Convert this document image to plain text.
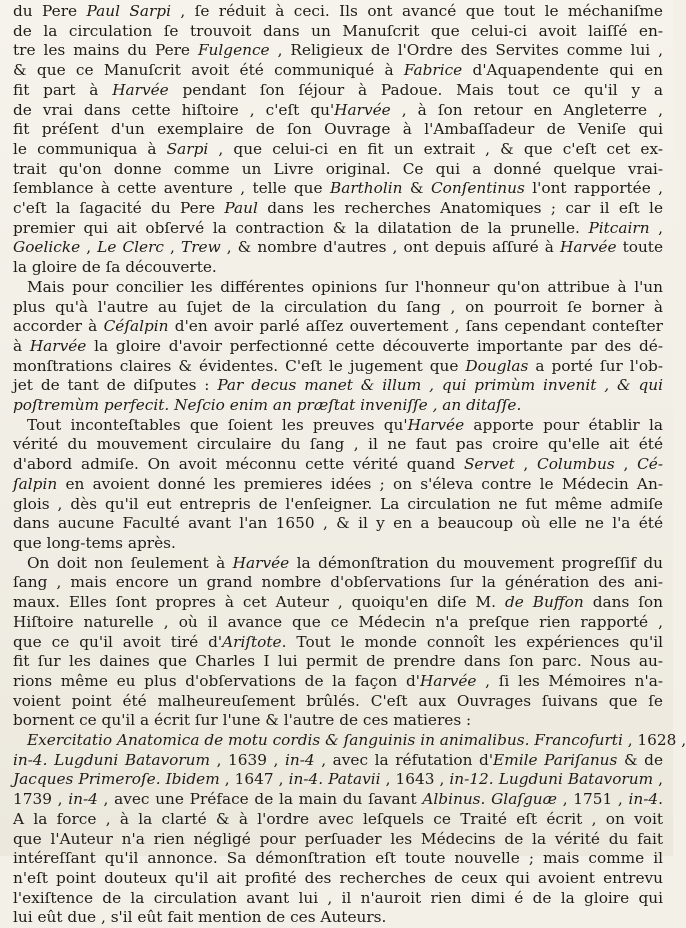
du Pere Paul Sarpi , ſe réduit à ceci. Ils ont avancé que tout le méchaniſme
de la circulation ſe trouvoit dans un Manuſcrit que celui-ci avoit laiſſé en-
tre les mains du Pere Fulgence , Religieux de l'Ordre des Servites comme lui ,
& que ce Manuſcrit avoit été communiqué à Fabrice d'Aquapendente qui en
fit part à Harvée pendant ſon ſéjour à Padoue. Mais tout ce qu'il y a
de vrai dans cette hiſtoire , c'eſt qu'Harvée , à ſon retour en Angleterre ,
fit préſent d'un exemplaire de ſon Ouvrage à l'Ambaſſadeur de Veniſe qui
le communiqua à Sarpi , que celui-ci en fit un extrait , & que c'eſt cet ex-
trait qu'on donne comme un Livre original. Ce qui a donné quelque vrai-
ſemblance à cette aventure , telle que Bartholin & Conſentinus l'ont rapportée ,
c'eſt la ſagacité du Pere Paul dans les recherches Anatomiques ; car il eſt le
premier qui ait obſervé la contraction & la dilatation de la prunelle. Pitcairn ,
Goelicke , Le Clerc , Trew , & nombre d'autres , ont depuis aſſuré à Harvée toute
la gloire de ſa découverte.

Mais pour concilier les différentes opinions ſur l'honneur qu'on attribue à l'un
plus qu'à l'autre au ſujet de la circulation du ſang , on pourroit ſe borner à
accorder à Céſalpin d'en avoir parlé aſſez ouvertement , ſans cependant conteſter
à Harvée la gloire d'avoir perfectionné cette découverte importante par des dé-
monſtrations claires & évidentes. C'eſt le jugement que Douglas a porté ſur l'ob-
jet de tant de diſputes : Par decus manet & illum , qui primùm invenit , & qui
poſtremùm perfecit. Neſcio enim an præſtat inveniſſe , an ditaſſe.

Tout inconteſtables que ſoient les preuves qu'Harvée apporte pour établir la
vérité du mouvement circulaire du ſang , il ne faut pas croire qu'elle ait été
d'abord admiſe. On avoit méconnu cette vérité quand Servet , Columbus , Cé-
ſalpin en avoient donné les premieres idées ; on s'éleva contre le Médecin An-
glois , dès qu'il eut entrepris de l'enſeigner. La circulation ne fut même admiſe
dans aucune Faculté avant l'an 1650 , & il y en a beaucoup où elle ne l'a été
que long-tems après.

On doit non ſeulement à Harvée la démonſtration du mouvement progreſſif du
ſang , mais encore un grand nombre d'obſervations ſur la génération des ani-
maux. Elles ſont propres à cet Auteur , quoiqu'en diſe M. de Buffon dans ſon
Hiſtoire naturelle , où il avance que ce Médecin n'a preſque rien rapporté ,
que ce qu'il avoit tiré d'Ariſtote. Tout le monde connoît les expériences qu'il
fit ſur les daines que Charles I lui permit de prendre dans ſon parc. Nous au-
rions même eu plus d'obſervations de la façon d'Harvée , ſi les Mémoires n'a-
voient point été malheureuſement brûlés. C'eſt aux Ouvrages ſuivans que ſe
bornent ce qu'il a écrit ſur l'une & l'autre de ces matieres :

Exercitatio Anatomica de motu cordis & ſanguinis in animalibus. Francofurti , 1628 ,
in-4. Lugduni Batavorum , 1639 , in-4 , avec la réfutation d'Emile Pariſanus & de
Jacques Primeroſe. Ibidem , 1647 , in-4. Patavii , 1643 , in-12. Lugduni Batavorum ,
1739 , in-4 , avec une Préface de la main du ſavant Albinus. Glaſguæ , 1751 , in-4.
A la force , à la clarté & à l'ordre avec leſquels ce Traité eſt écrit , on voit
que l'Auteur n'a rien négligé pour perſuader les Médecins de la vérité du fait
intéreſſant qu'il annonce. Sa démonſtration eſt toute nouvelle ; mais comme il
n'eſt point douteux qu'il ait profité des recherches de ceux qui avoient entrevu
l'exiſtence de la circulation avant lui , il n'auroit rien dimi é de la gloire qui
lui eût due , s'il eût fait mention de ces Auteurs.
